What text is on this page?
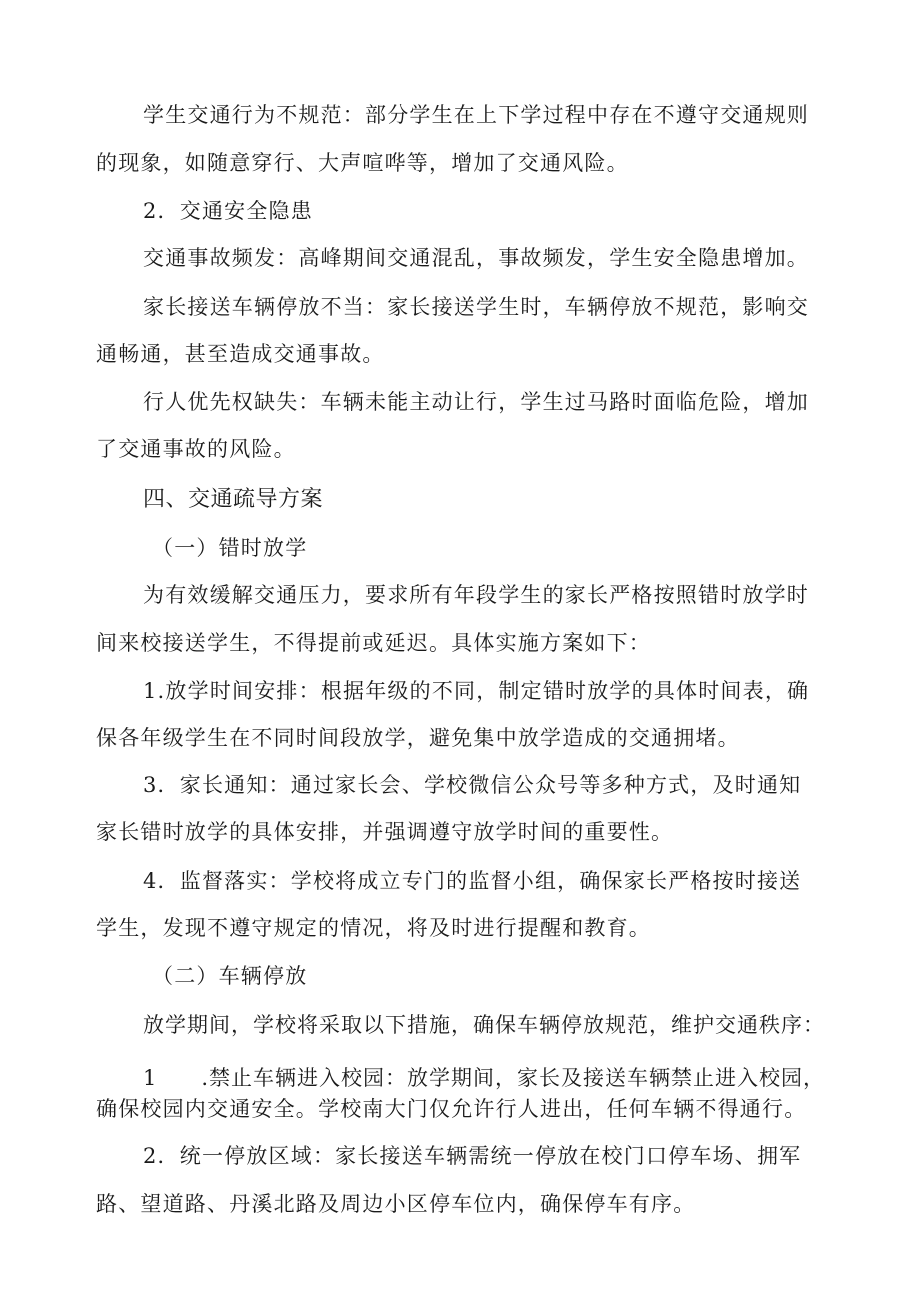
学生交通行为不规范：部分学生在上下学过程中存在不遵守交通规则
的现象，如随意穿行、大声喧哗等，增加了交通风险。
2．交通安全隐患
交通事故频发：高峰期间交通混乱，事故频发，学生安全隐患增加。
家长接送车辆停放不当：家长接送学生时，车辆停放不规范，影响交
通畅通，甚至造成交通事故。
行人优先权缺失：车辆未能主动让行，学生过马路时面临危险，增加
了交通事故的风险。
四、交通疏导方案
（一）错时放学
为有效缓解交通压力，要求所有年段学生的家长严格按照错时放学时
间来校接送学生，不得提前或延迟。具体实施方案如下：
1.放学时间安排：根据年级的不同，制定错时放学的具体时间表，确
保各年级学生在不同时间段放学，避免集中放学造成的交通拥堵。
3．家长通知：通过家长会、学校微信公众号等多种方式，及时通知
家长错时放学的具体安排，并强调遵守放学时间的重要性。
4．监督落实：学校将成立专门的监督小组，确保家长严格按时接送
学生，发现不遵守规定的情况，将及时进行提醒和教育。
（二）车辆停放
放学期间，学校将采取以下措施，确保车辆停放规范，维护交通秩序：
1　　.禁止车辆进入校园：放学期间，家长及接送车辆禁止进入校园，
确保校园内交通安全。学校南大门仅允许行人进出，任何车辆不得通行。
2．统一停放区域：家长接送车辆需统一停放在校门口停车场、拥军
路、望道路、丹溪北路及周边小区停车位内，确保停车有序。
